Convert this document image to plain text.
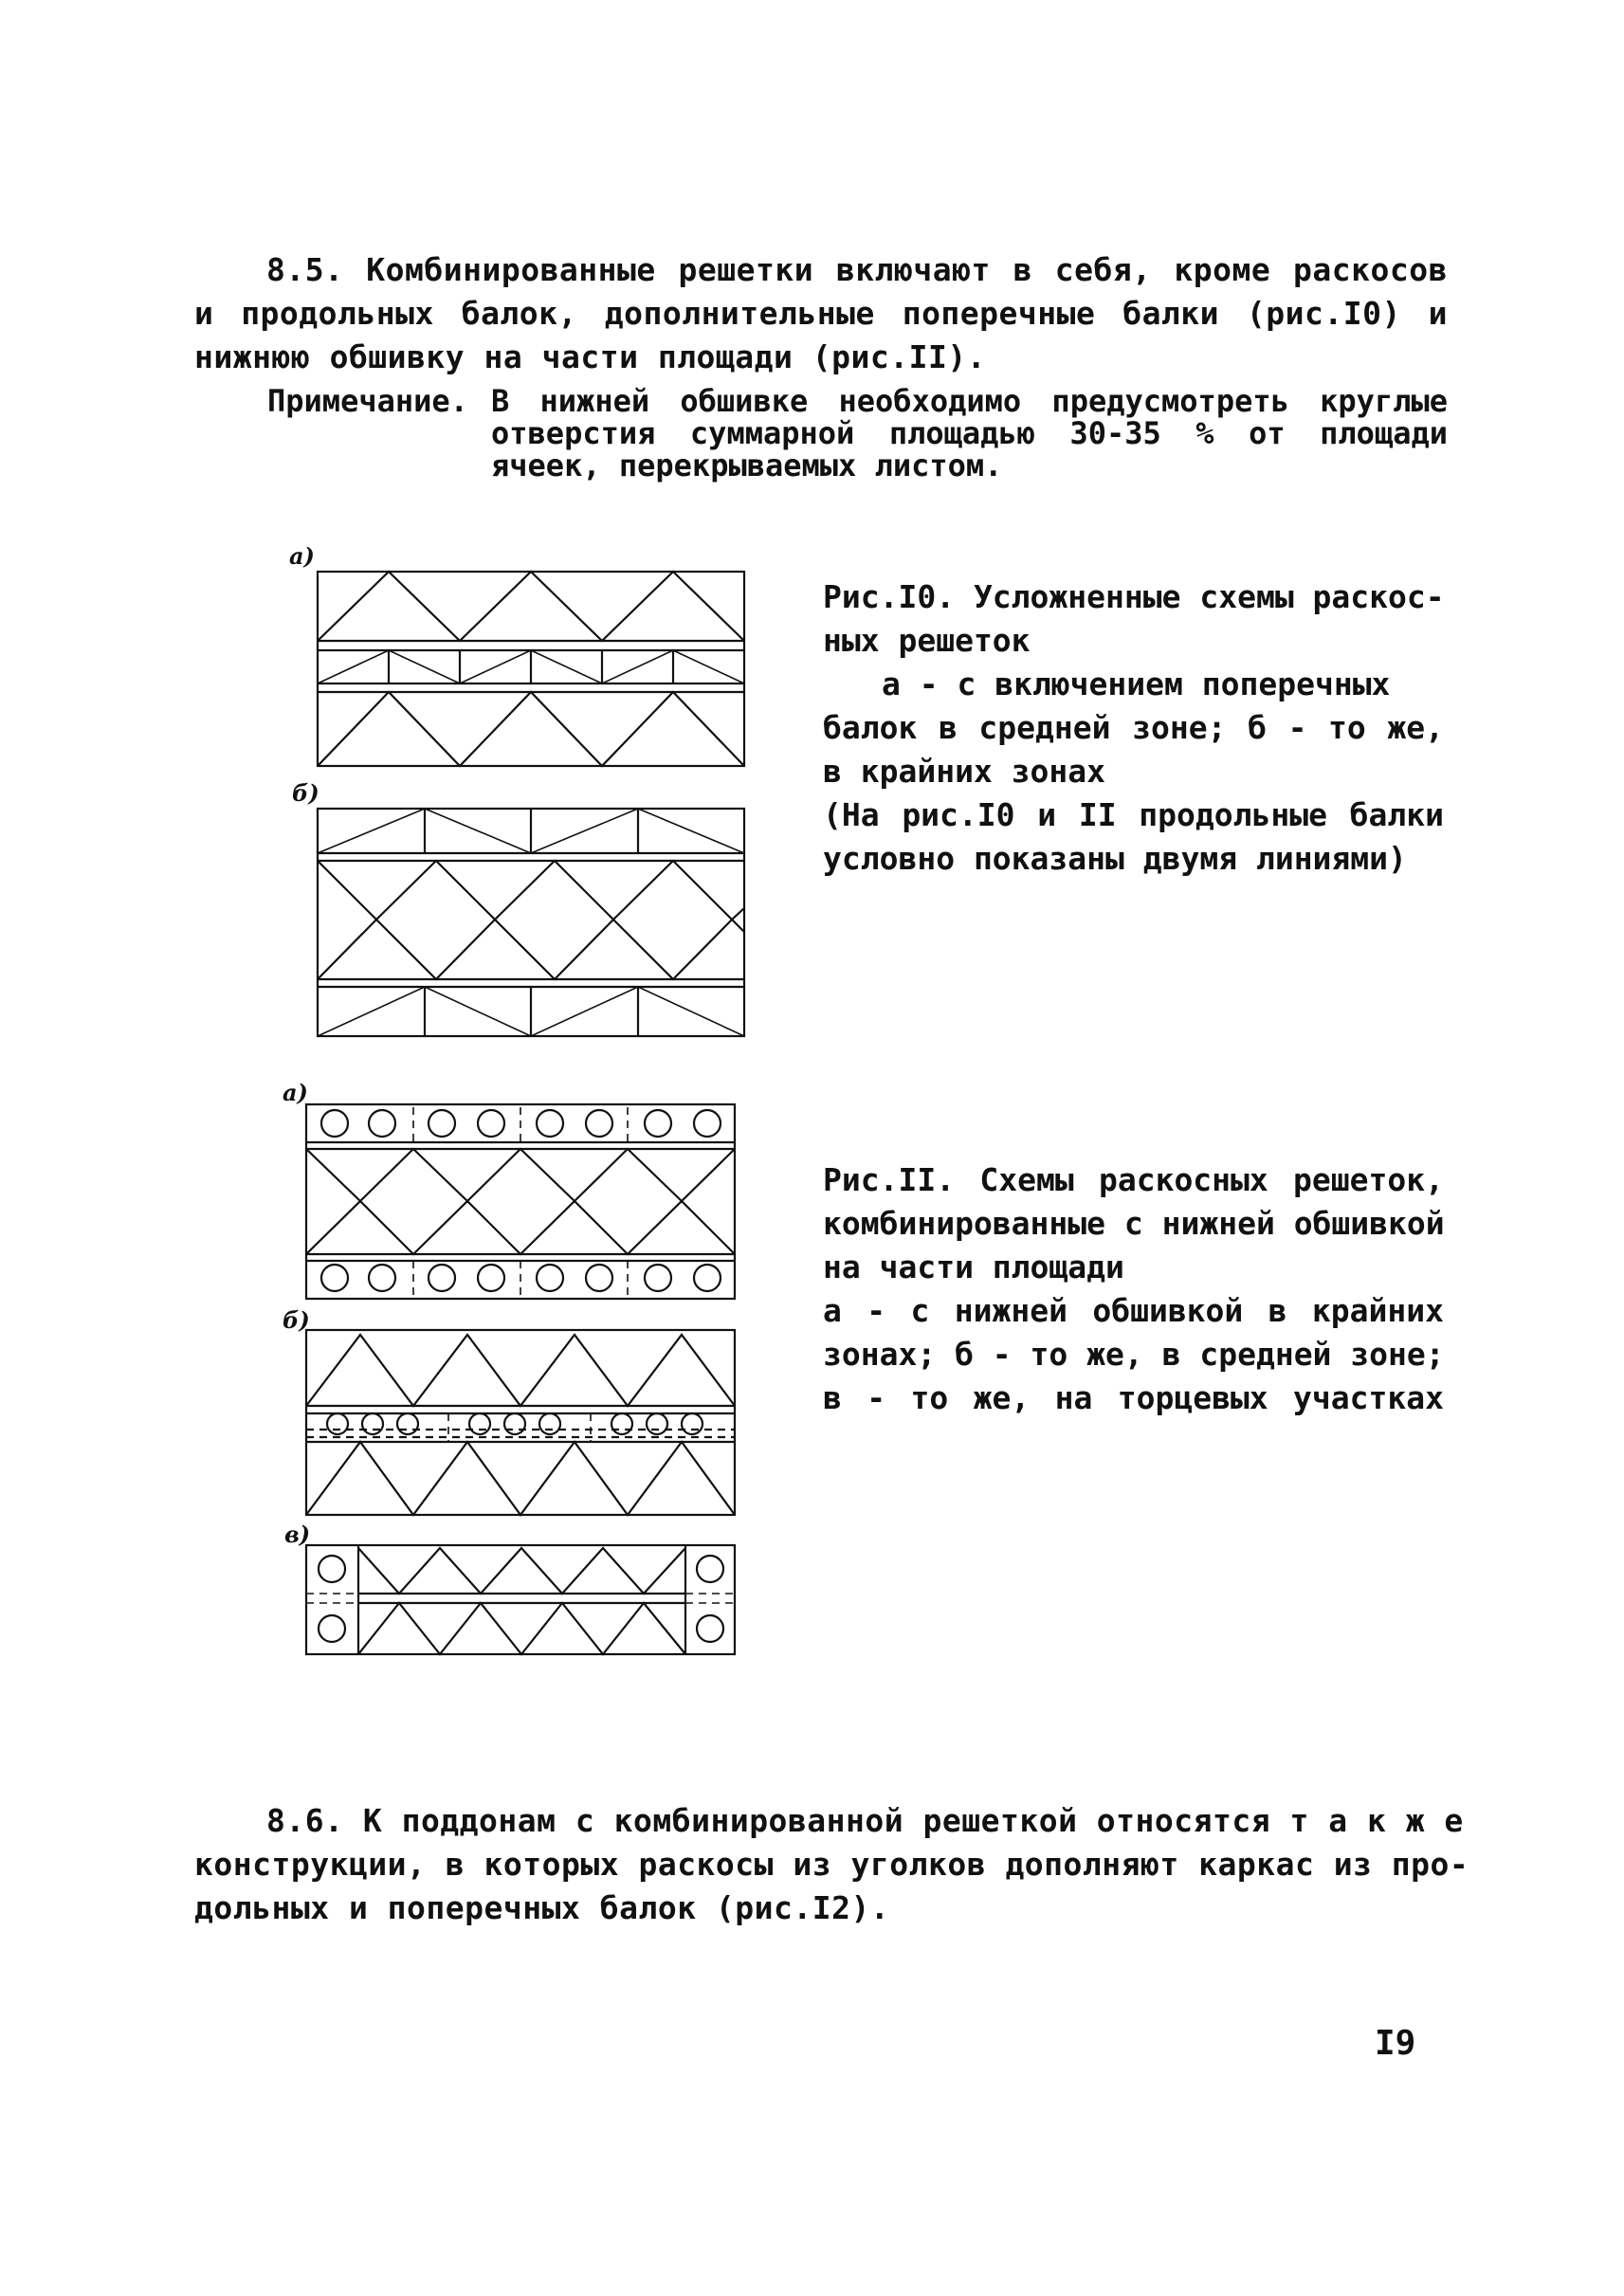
8.5. Комбинированные решетки включают в себя, кроме раскосов
и продольных балок, дополнительные поперечные балки (рис.I0) и
нижнюю обшивку на части площади (рис.II).
Примечание. В нижней обшивке необходимо предусмотреть круглые
отверстия суммарной площадью 30-35 % от площади
ячеек, перекрываемых листом.
а)
б)
Рис.I0. Усложненные схемы раскос-
ных решеток
а - с включением поперечных
балок в средней зоне; б - то же,
в крайних зонах
(На рис.I0 и II продольные балки
условно показаны двумя линиями)
а)
б)
в)
Рис.II. Схемы раскосных решеток,
комбинированные с нижней обшивкой
на части площади
а - с нижней обшивкой в крайних
зонах; б - то же, в средней зоне;
в - то же, на торцевых участках
8.6. К поддонам с комбинированной решеткой относятся т а к ж е
конструкции, в которых раскосы из уголков дополняют каркас из про-
дольных и поперечных балок (рис.I2).
I9
